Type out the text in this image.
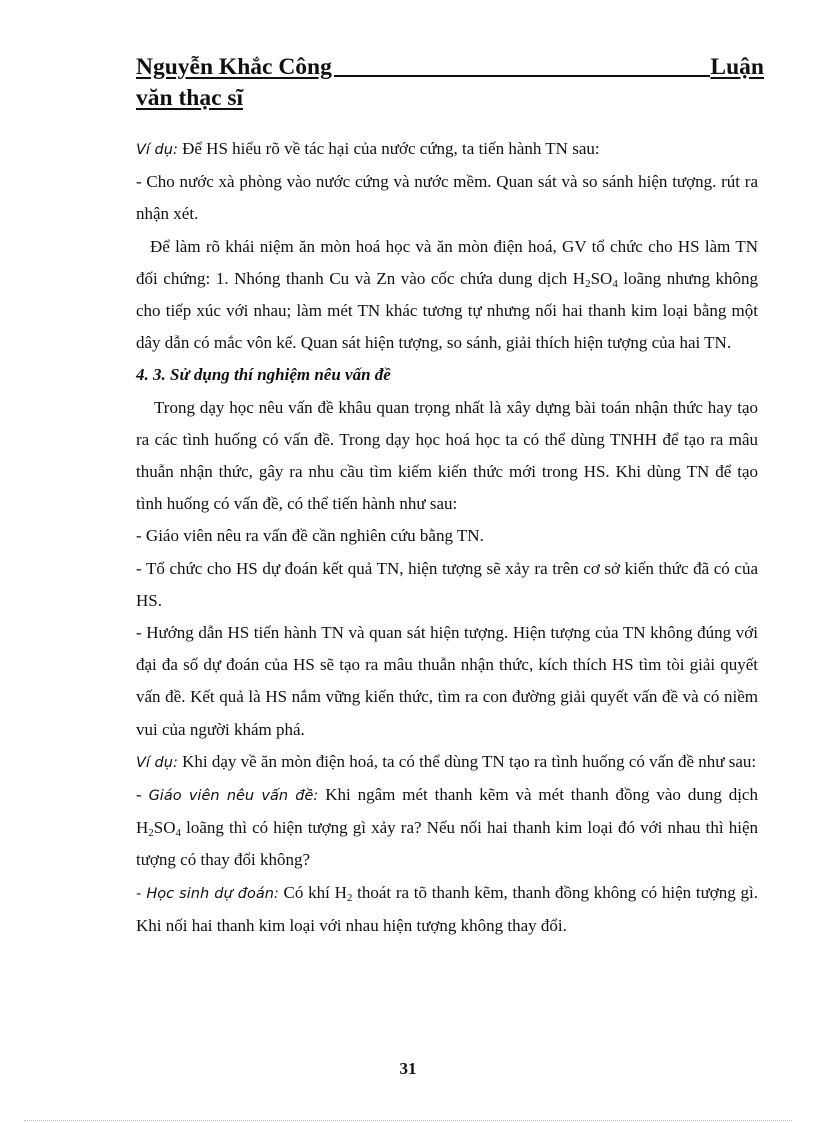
Nguyễn Khắc Công	Luận
văn thạc sĩ

Ví dụ: Để HS hiểu rõ về tác hại của nước cứng, ta tiến hành TN sau:

- Cho nước xà phòng vào nước cứng và nước mềm. Quan sát và so sánh hiện tượng. rút ra nhận xét.

Để làm rõ khái niệm ăn mòn hoá học và ăn mòn điện hoá, GV tổ chức cho HS làm TN đối chứng: 1. Nhóng thanh Cu và Zn vào cốc chứa dung dịch $H_2SO_4$ loãng nhưng không cho tiếp xúc với nhau; làm mét TN khác tương tự nhưng nối hai thanh kim loại bằng một dây dẫn có mắc vôn kế. Quan sát hiện tượng, so sánh, giải thích hiện tượng của hai TN.

4. 3. Sử dụng thí nghiệm nêu vấn đề

Trong dạy học nêu vấn đề khâu quan trọng nhất là xây dựng bài toán nhận thức hay tạo ra các tình huống có vấn đề. Trong dạy học hoá học ta có thể dùng TNHH để tạo ra mâu thuẫn nhận thức, gây ra nhu cầu tìm kiếm kiến thức mới trong HS. Khi dùng TN để tạo tình huống có vấn đề, có thể tiến hành như sau:

- Giáo viên nêu ra vấn đề cần nghiên cứu bằng TN.

- Tổ chức cho HS dự đoán kết quả TN, hiện tượng sẽ xảy ra trên cơ sở kiến thức đã có của HS.

- Hướng dẫn HS tiến hành TN và quan sát hiện tượng. Hiện tượng của TN không đúng với đại đa số dự đoán của HS sẽ tạo ra mâu thuẫn nhận thức, kích thích HS tìm tòi giải quyết vấn đề. Kết quả là HS nắm vững kiến thức, tìm ra con đường giải quyết vấn đề và có niềm vui của người khám phá.

Ví dụ: Khi dạy về ăn mòn điện hoá, ta có thể dùng TN tạo ra tình huống có vấn đề như sau:

- Giáo viên nêu vấn đề: Khi ngâm mét thanh kẽm và mét thanh đồng vào dung dịch $H_2SO_4$ loãng thì có hiện tượng gì xảy ra? Nếu nối hai thanh kim loại đó với nhau thì hiện tượng có thay đổi không?

- Học sinh dự đoán: Có khí $H_2$ thoát ra tõ thanh kẽm, thanh đồng không có hiện tượng gì. Khi nối hai thanh kim loại với nhau hiện tượng không thay đổi.

31
